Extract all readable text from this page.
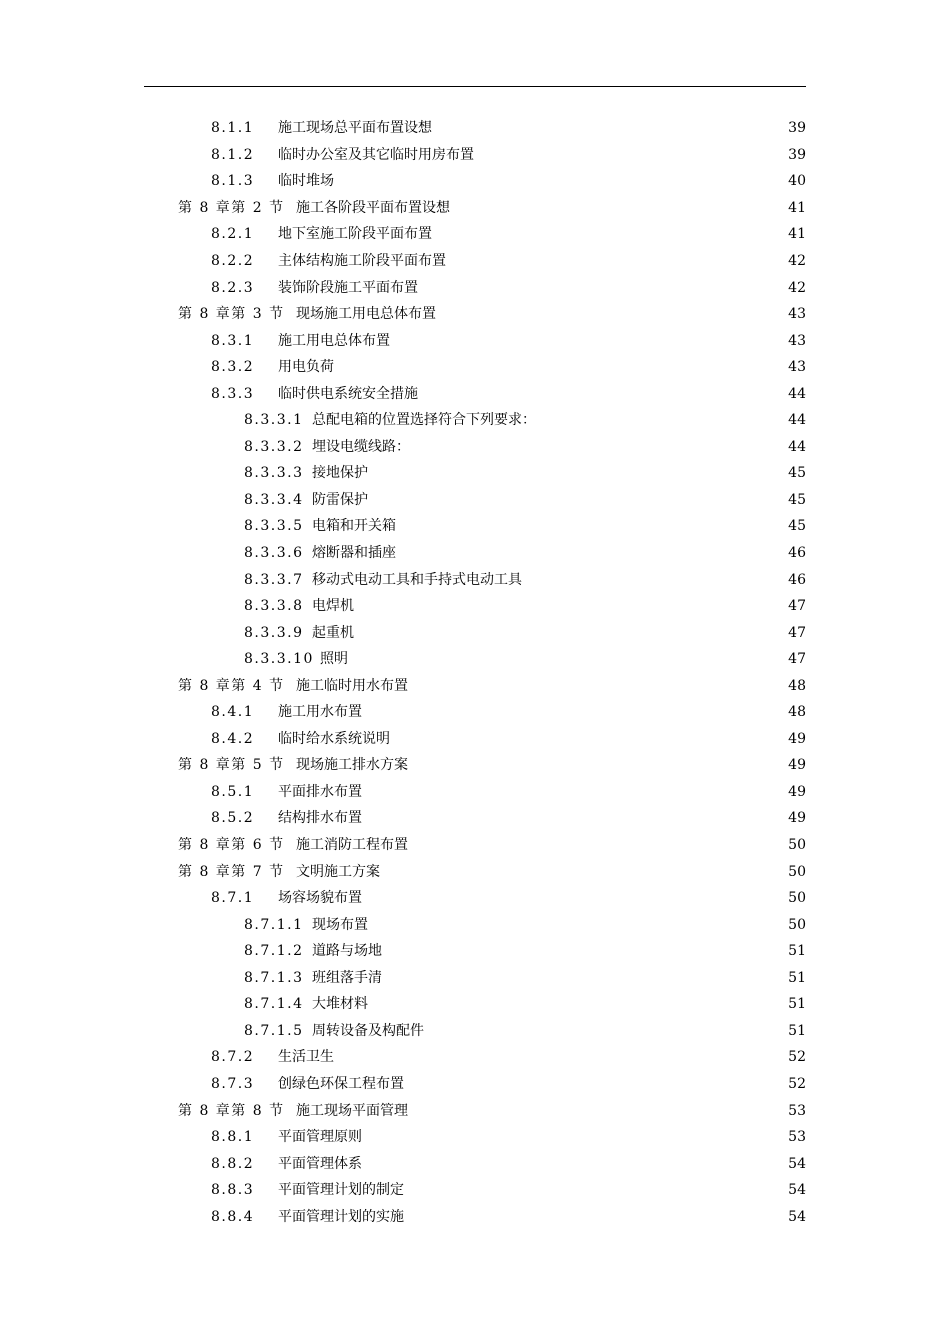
8.1.1	施工现场总平面布置设想	39
8.1.2	临时办公室及其它临时用房布置	39
8.1.3	临时堆场	40
第 8 章第 2 节 施工各阶段平面布置设想	41
8.2.1	地下室施工阶段平面布置	41
8.2.2	主体结构施工阶段平面布置	42
8.2.3	装饰阶段施工平面布置	42
第 8 章第 3 节 现场施工用电总体布置	43
8.3.1	施工用电总体布置	43
8.3.2	用电负荷	43
8.3.3	临时供电系统安全措施	44
8.3.3.1 总配电箱的位置选择符合下列要求：	44
8.3.3.2 埋设电缆线路：	44
8.3.3.3 接地保护	45
8.3.3.4 防雷保护	45
8.3.3.5 电箱和开关箱	45
8.3.3.6 熔断器和插座	46
8.3.3.7 移动式电动工具和手持式电动工具	46
8.3.3.8 电焊机	47
8.3.3.9 起重机	47
8.3.3.10 照明	47
第 8 章第 4 节 施工临时用水布置	48
8.4.1	施工用水布置	48
8.4.2	临时给水系统说明	49
第 8 章第 5 节 现场施工排水方案	49
8.5.1	平面排水布置	49
8.5.2	结构排水布置	49
第 8 章第 6 节 施工消防工程布置	50
第 8 章第 7 节 文明施工方案	50
8.7.1	场容场貌布置	50
8.7.1.1 现场布置	50
8.7.1.2 道路与场地	51
8.7.1.3 班组落手清	51
8.7.1.4 大堆材料	51
8.7.1.5 周转设备及构配件	51
8.7.2	生活卫生	52
8.7.3	创绿色环保工程布置	52
第 8 章第 8 节 施工现场平面管理	53
8.8.1	平面管理原则	53
8.8.2	平面管理体系	54
8.8.3	平面管理计划的制定	54
8.8.4	平面管理计划的实施	54
